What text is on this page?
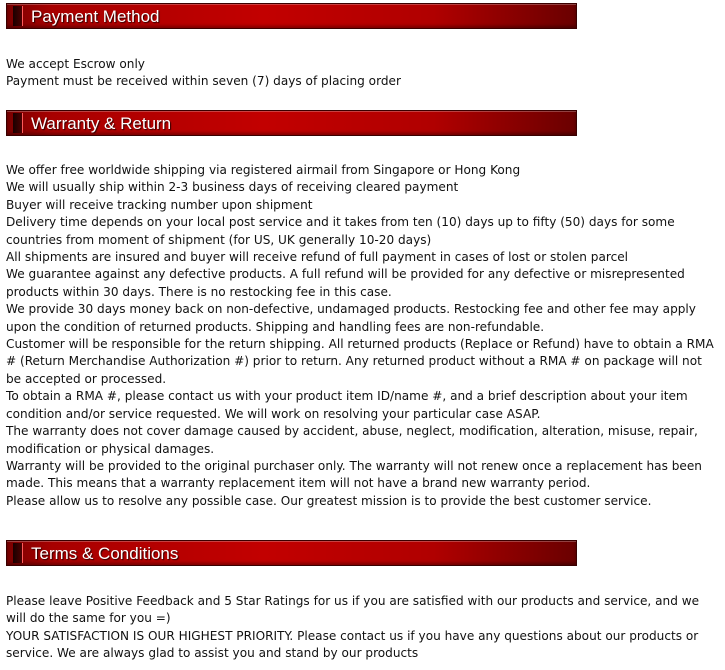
Payment Method

We accept Escrow only

Payment must be received within seven (7) days of placing order

Warranty & Return

We offer free worldwide shipping via registered airmail from Singapore or Hong Kong

We will usually ship within 2-3 business days of receiving cleared payment

Buyer will receive tracking number upon shipment

Delivery time depends on your local post service and it takes from ten (10) days up to fifty (50) days for some countries from moment of shipment (for US, UK generally 10-20 days)

All shipments are insured and buyer will receive refund of full payment in cases of lost or stolen parcel

We guarantee against any defective products. A full refund will be provided for any defective or misrepresented products within 30 days. There is no restocking fee in this case.

We provide 30 days money back on non-defective, undamaged products. Restocking fee and other fee may apply upon the condition of returned products. Shipping and handling fees are non-refundable.

Customer will be responsible for the return shipping. All returned products (Replace or Refund) have to obtain a RMA # (Return Merchandise Authorization #) prior to return. Any returned product without a RMA # on package will not be accepted or processed.

To obtain a RMA #, please contact us with your product item ID/name #, and a brief description about your item condition and/or service requested. We will work on resolving your particular case ASAP.

The warranty does not cover damage caused by accident, abuse, neglect, modification, alteration, misuse, repair, modification or physical damages.

Warranty will be provided to the original purchaser only. The warranty will not renew once a replacement has been made. This means that a warranty replacement item will not have a brand new warranty period.

Please allow us to resolve any possible case. Our greatest mission is to provide the best customer service.

Terms & Conditions

Please leave Positive Feedback and 5 Star Ratings for us if you are satisfied with our products and service, and we will do the same for you =)

YOUR SATISFACTION IS OUR HIGHEST PRIORITY. Please contact us if you have any questions about our products or service. We are always glad to assist you and stand by our products
